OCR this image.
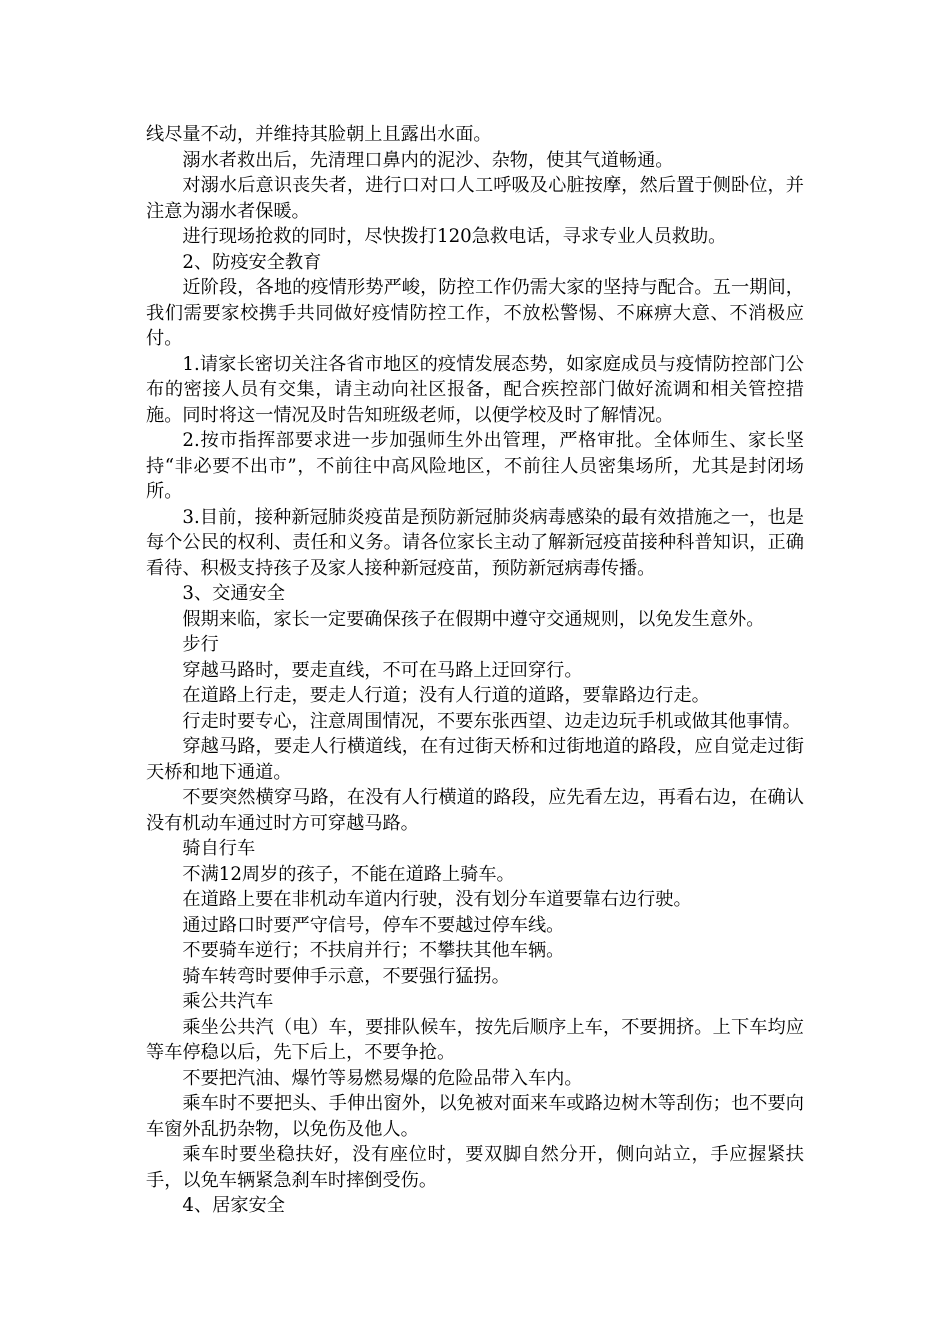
线尽量不动，并维持其脸朝上且露出水面。

溺水者救出后，先清理口鼻内的泥沙、杂物，使其气道畅通。

对溺水后意识丧失者，进行口对口人工呼吸及心脏按摩，然后置于侧卧位，并注意为溺水者保暖。

进行现场抢救的同时，尽快拨打120急救电话，寻求专业人员救助。

2、防疫安全教育

近阶段，各地的疫情形势严峻，防控工作仍需大家的坚持与配合。五一期间，我们需要家校携手共同做好疫情防控工作，不放松警惕、不麻痹大意、不消极应付。

1.请家长密切关注各省市地区的疫情发展态势，如家庭成员与疫情防控部门公布的密接人员有交集，请主动向社区报备，配合疾控部门做好流调和相关管控措施。同时将这一情况及时告知班级老师，以便学校及时了解情况。

2.按市指挥部要求进一步加强师生外出管理，严格审批。全体师生、家长坚持“非必要不出市”，不前往中高风险地区，不前往人员密集场所，尤其是封闭场所。

3.目前，接种新冠肺炎疫苗是预防新冠肺炎病毒感染的最有效措施之一，也是每个公民的权利、责任和义务。请各位家长主动了解新冠疫苗接种科普知识，正确看待、积极支持孩子及家人接种新冠疫苗，预防新冠病毒传播。

3、交通安全

假期来临，家长一定要确保孩子在假期中遵守交通规则，以免发生意外。

步行

穿越马路时，要走直线，不可在马路上迂回穿行。

在道路上行走，要走人行道；没有人行道的道路，要靠路边行走。

行走时要专心，注意周围情况，不要东张西望、边走边玩手机或做其他事情。

穿越马路，要走人行横道线，在有过街天桥和过街地道的路段，应自觉走过街天桥和地下通道。

不要突然横穿马路，在没有人行横道的路段，应先看左边，再看右边，在确认没有机动车通过时方可穿越马路。

骑自行车

不满12周岁的孩子，不能在道路上骑车。

在道路上要在非机动车道内行驶，没有划分车道要靠右边行驶。

通过路口时要严守信号，停车不要越过停车线。

不要骑车逆行；不扶肩并行；不攀扶其他车辆。

骑车转弯时要伸手示意，不要强行猛拐。

乘公共汽车

乘坐公共汽（电）车，要排队候车，按先后顺序上车，不要拥挤。上下车均应等车停稳以后，先下后上，不要争抢。

不要把汽油、爆竹等易燃易爆的危险品带入车内。

乘车时不要把头、手伸出窗外，以免被对面来车或路边树木等刮伤；也不要向车窗外乱扔杂物，以免伤及他人。

乘车时要坐稳扶好，没有座位时，要双脚自然分开，侧向站立，手应握紧扶手，以免车辆紧急刹车时摔倒受伤。

4、居家安全
